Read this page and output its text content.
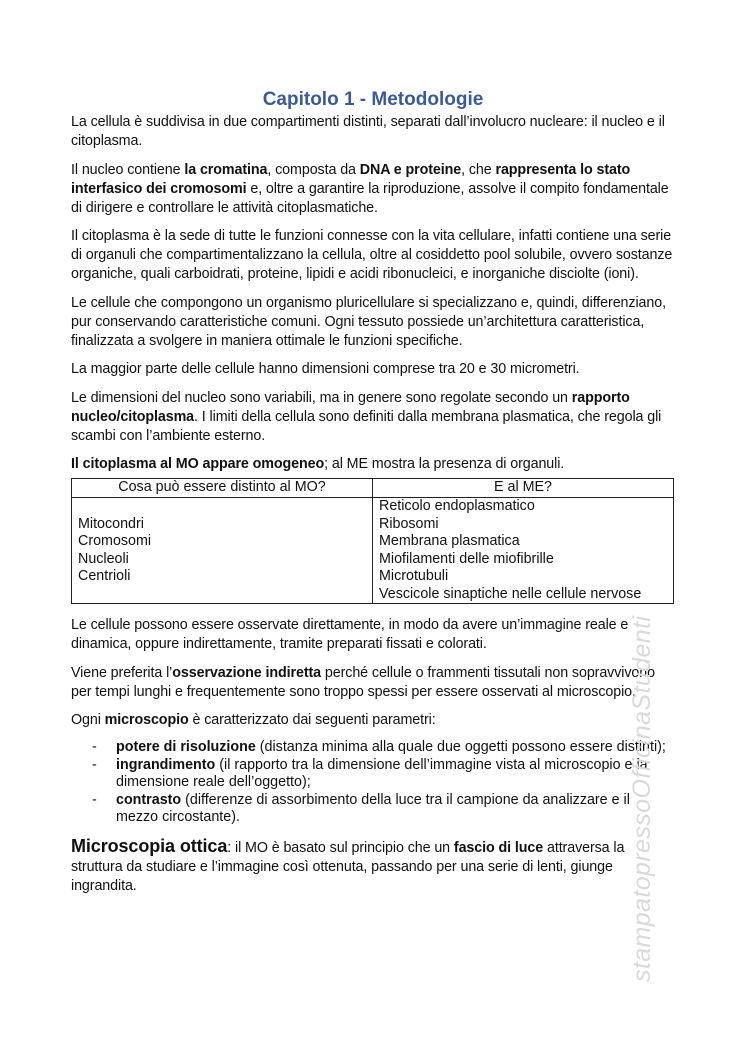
Capitolo 1 - Metodologie

La cellula è suddivisa in due compartimenti distinti, separati dall’involucro nucleare: il nucleo e il citoplasma.

Il nucleo contiene la cromatina, composta da DNA e proteine, che rappresenta lo stato interfasico dei cromosomi e, oltre a garantire la riproduzione, assolve il compito fondamentale di dirigere e controllare le attività citoplasmatiche.

Il citoplasma è la sede di tutte le funzioni connesse con la vita cellulare, infatti contiene una serie di organuli che compartimentalizzano la cellula, oltre al cosiddetto pool solubile, ovvero sostanze organiche, quali carboidrati, proteine, lipidi e acidi ribonucleici, e inorganiche disciolte (ioni).

Le cellule che compongono un organismo pluricellulare si specializzano e, quindi, differenziano, pur conservando caratteristiche comuni. Ogni tessuto possiede un’architettura caratteristica, finalizzata a svolgere in maniera ottimale le funzioni specifiche.

La maggior parte delle cellule hanno dimensioni comprese tra 20 e 30 micrometri.

Le dimensioni del nucleo sono variabili, ma in genere sono regolate secondo un rapporto nucleo/citoplasma. I limiti della cellula sono definiti dalla membrana plasmatica, che regola gli scambi con l’ambiente esterno.

Il citoplasma al MO appare omogeneo; al ME mostra la presenza di organuli.

Cosa può essere distinto al MO?	E al ME?

Mitocondri
Cromosomi
Nucleoli
Centrioli

Reticolo endoplasmatico
Ribosomi
Membrana plasmatica
Miofilamenti delle miofibrille
Microtubuli
Vescicole sinaptiche nelle cellule nervose

Le cellule possono essere osservate direttamente, in modo da avere un’immagine reale e dinamica, oppure indirettamente, tramite preparati fissati e colorati.

Viene preferita l’osservazione indiretta perché cellule o frammenti tissutali non sopravvivono per tempi lunghi e frequentemente sono troppo spessi per essere osservati al microscopio.

Ogni microscopio è caratterizzato dai seguenti parametri:

- potere di risoluzione (distanza minima alla quale due oggetti possono essere distinti);
- ingrandimento (il rapporto tra la dimensione dell’immagine vista al microscopio e la dimensione reale dell’oggetto);
- contrasto (differenze di assorbimento della luce tra il campione da analizzare e il mezzo circostante).

Microscopia ottica: il MO è basato sul principio che un fascio di luce attraversa la struttura da studiare e l’immagine così ottenuta, passando per una serie di lenti, giunge ingrandita.	stampatopressoOfficinaStudenti
